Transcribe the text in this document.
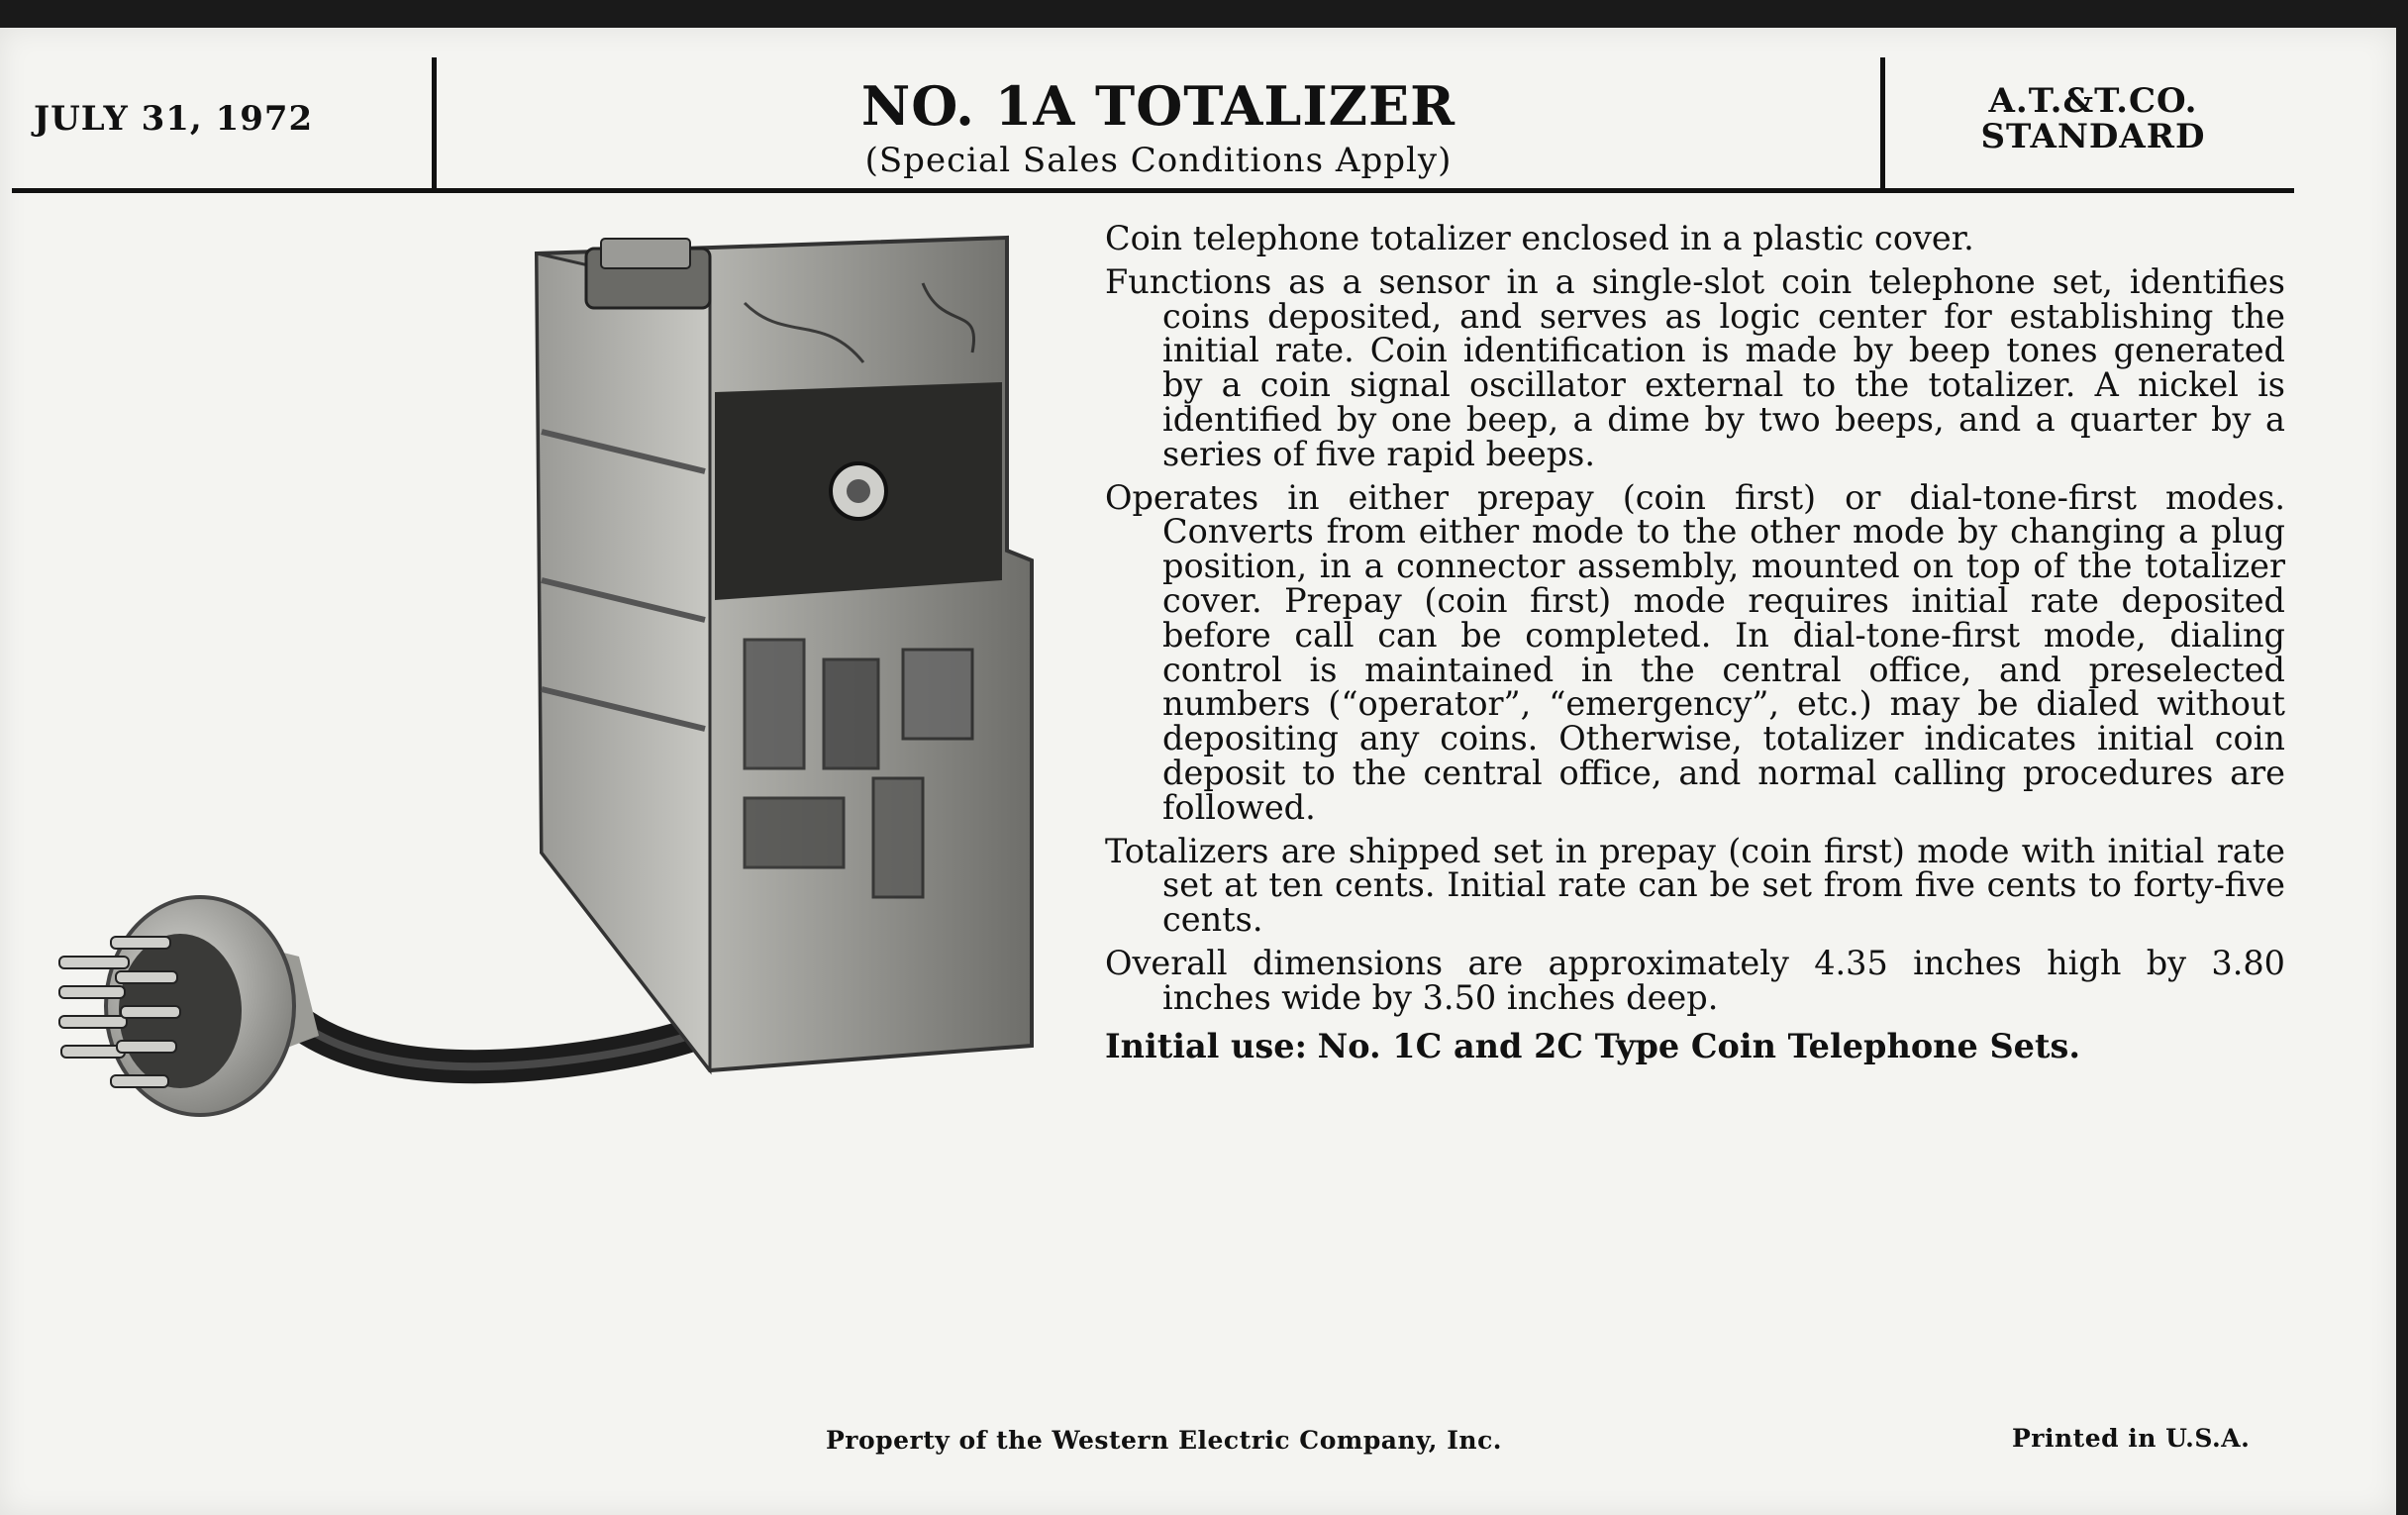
JULY 31, 1972	NO. 1A TOTALIZER
(Special Sales Conditions Apply)
A.T.&T.CO.
STANDARD

Coin telephone totalizer enclosed in a plastic cover.

Functions as a sensor in a single-slot coin telephone set, identifies coins deposited, and serves as logic center for establishing the initial rate. Coin identification is made by beep tones generated by a coin signal oscillator external to the totalizer. A nickel is identified by one beep, a dime by two beeps, and a quarter by a series of five rapid beeps.

Operates in either prepay (coin first) or dial-tone-first modes. Converts from either mode to the other mode by changing a plug position, in a connector assembly, mounted on top of the totalizer cover. Prepay (coin first) mode requires initial rate deposited before call can be completed. In dial-tone-first mode, dialing control is maintained in the central office, and preselected numbers (“operator”, “emergency”, etc.) may be dialed without depositing any coins. Otherwise, totalizer indicates initial coin deposit to the central office, and normal calling procedures are followed.

Totalizers are shipped set in prepay (coin first) mode with initial rate set at ten cents. Initial rate can be set from five cents to forty-five cents.

Overall dimensions are approximately 4.35 inches high by 3.80 inches wide by 3.50 inches deep.

Initial use: No. 1C and 2C Type Coin Telephone Sets.

Property of the Western Electric Company, Inc.	Printed in U.S.A.
